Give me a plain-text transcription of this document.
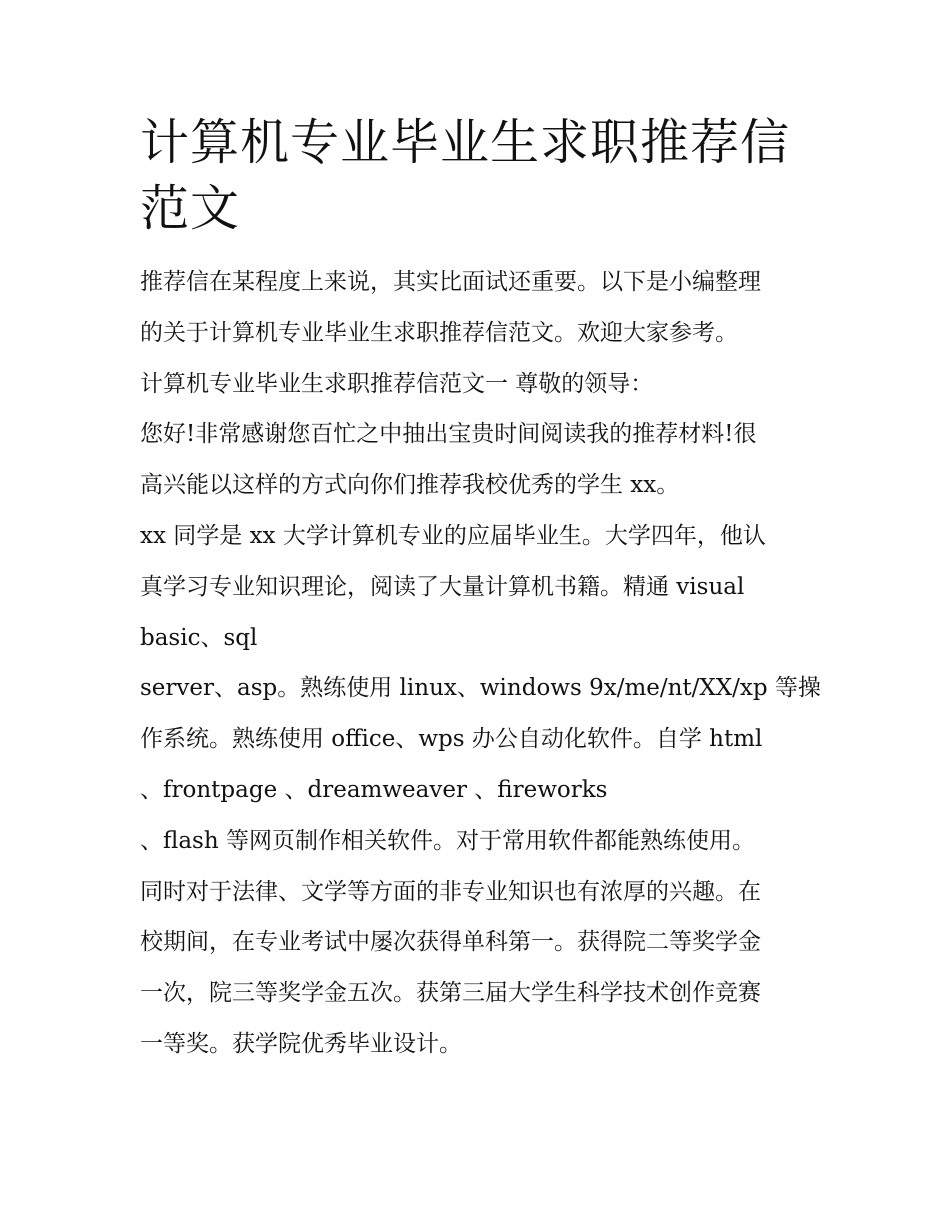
计算机专业毕业生求职推荐信
范文
推荐信在某程度上来说，其实比面试还重要。以下是小编整理
的关于计算机专业毕业生求职推荐信范文。欢迎大家参考。
计算机专业毕业生求职推荐信范文一 尊敬的领导：
您好!非常感谢您百忙之中抽出宝贵时间阅读我的推荐材料!很
高兴能以这样的方式向你们推荐我校优秀的学生 xx。
xx 同学是 xx 大学计算机专业的应届毕业生。大学四年，他认
真学习专业知识理论，阅读了大量计算机书籍。精通 visual
basic、sql
server、asp。熟练使用 linux、windows 9x/me/nt/XX/xp 等操
作系统。熟练使用 office、wps 办公自动化软件。自学 html
、frontpage 、dreamweaver 、fireworks
、flash 等网页制作相关软件。对于常用软件都能熟练使用。
同时对于法律、文学等方面的非专业知识也有浓厚的兴趣。在
校期间，在专业考试中屡次获得单科第一。获得院二等奖学金
一次，院三等奖学金五次。获第三届大学生科学技术创作竞赛
一等奖。获学院优秀毕业设计。
